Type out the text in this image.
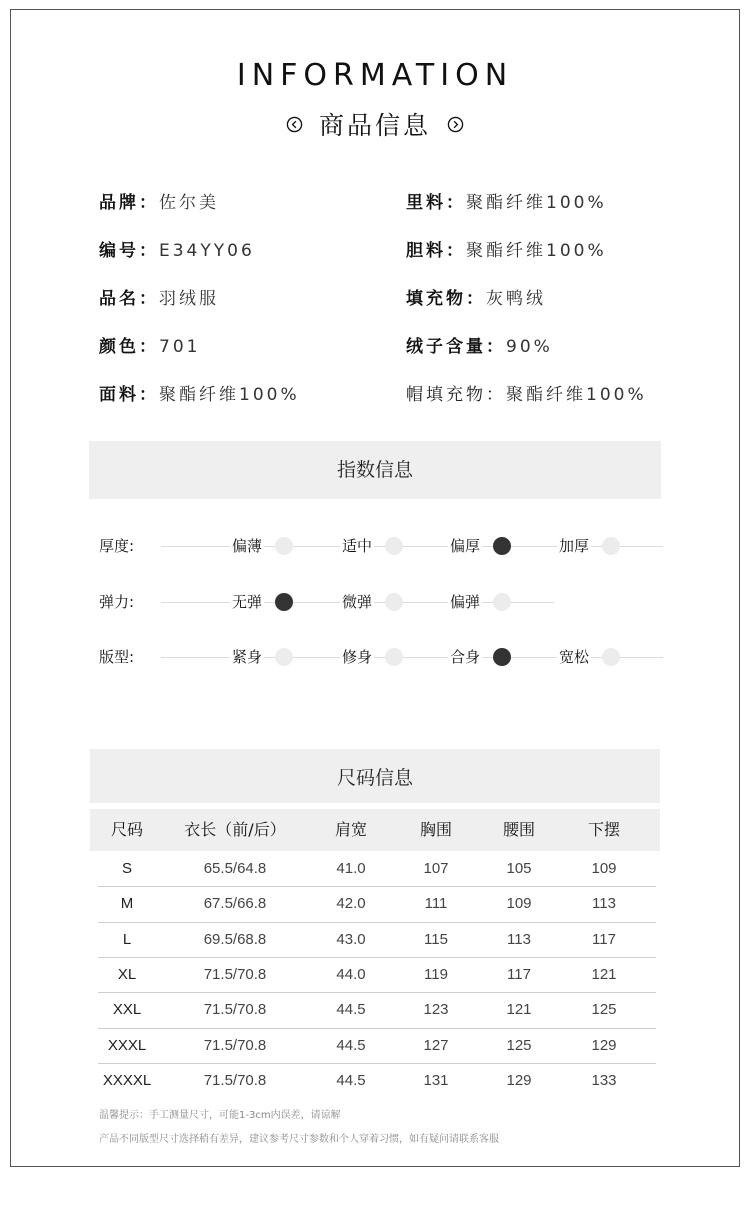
INFORMATION
商品信息
品牌：佐尔美
编号：E34YY06
品名：羽绒服
颜色：701
面料：聚酯纤维100%
里料：聚酯纤维100%
胆料：聚酯纤维100%
填充物：灰鸭绒
绒子含量：90%
帽填充物：聚酯纤维100%
指数信息
厚度:	偏薄	适中	偏厚	加厚
弹力:	无弹	微弹	偏弹
版型:	紧身	修身	合身	宽松
尺码信息
尺码	衣长（前/后）	肩宽	胸围	腰围	下摆
S	65.5/64.8	41.0	107	105	109
M	67.5/66.8	42.0	111	109	113
L	69.5/68.8	43.0	115	113	117
XL	71.5/70.8	44.0	119	117	121
XXL	71.5/70.8	44.5	123	121	125
XXXL	71.5/70.8	44.5	127	125	129
XXXXL	71.5/70.8	44.5	131	129	133
温馨提示：手工测量尺寸，可能1-3cm内误差，请谅解
产品不同版型尺寸选择稍有差异，建议参考尺寸参数和个人穿着习惯，如有疑问请联系客服
